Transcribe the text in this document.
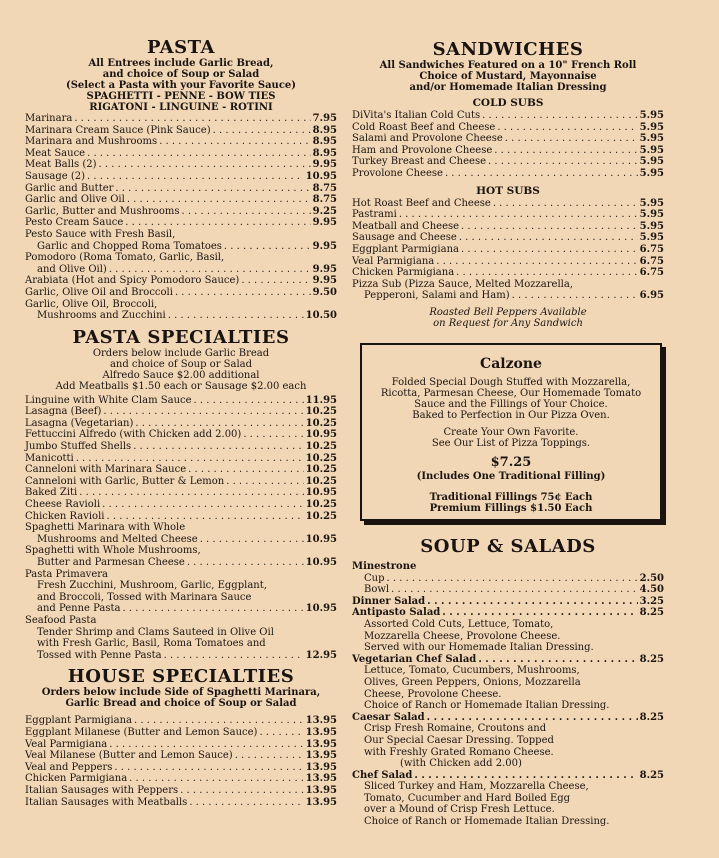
PASTA
All Entrees include Garlic Bread,
and choice of Soup or Salad
(Select a Pasta with your Favorite Sauce)
SPAGHETTI - PENNE - BOW TIES
RIGATONI - LINGUINE - ROTINI
Marinara . . .	7.95
Marinara Cream Sauce (Pink Sauce) . . .	8.95
Marinara and Mushrooms . . .	8.95
Meat Sauce . . .	8.95
Meat Balls (2) . . .	9.95
Sausage (2) . . .	10.95
Garlic and Butter . . .	8.75
Garlic and Olive Oil . . .	8.75
Garlic, Butter and Mushrooms . . .	9.25
Pesto Cream Sauce . . .	9.95
Pesto Sauce with Fresh Basil,
Garlic and Chopped Roma Tomatoes . . .	9.95
Pomodoro (Roma Tomato, Garlic, Basil,
and Olive Oil) . . .	9.95
Arabiata (Hot and Spicy Pomodoro Sauce) . . .	9.95
Garlic, Olive Oil and Broccoli . . .	9.50
Garlic, Olive Oil, Broccoli,
Mushrooms and Zucchini . . .	10.50
PASTA SPECIALTIES
Orders below include Garlic Bread
and choice of Soup or Salad
Alfredo Sauce $2.00 additional
Add Meatballs $1.50 each or Sausage $2.00 each
Linguine with White Clam Sauce . . .	11.95
Lasagna (Beef) . . .	10.25
Lasagna (Vegetarian) . . .	10.25
Fettuccini Alfredo (with Chicken add 2.00) . . .	10.95
Jumbo Stuffed Shells . . .	10.25
Manicotti . . .	10.25
Canneloni with Marinara Sauce . . .	10.25
Canneloni with Garlic, Butter & Lemon . . .	10.25
Baked Ziti . . .	10.95
Cheese Ravioli . . .	10.25
Chicken Ravioli . . .	10.25
Spaghetti Marinara with Whole
Mushrooms and Melted Cheese . . .	10.95
Spaghetti with Whole Mushrooms,
Butter and Parmesan Cheese . . .	10.95
Pasta Primavera
Fresh Zucchini, Mushroom, Garlic, Eggplant,
and Broccoli, Tossed with Marinara Sauce
and Penne Pasta . . .	10.95
Seafood Pasta
Tender Shrimp and Clams Sauteed in Olive Oil
with Fresh Garlic, Basil, Roma Tomatoes and
Tossed with Penne Pasta . . .	12.95
HOUSE SPECIALTIES
Orders below include Side of Spaghetti Marinara,
Garlic Bread and choice of Soup or Salad
Eggplant Parmigiana . . .	13.95
Eggplant Milanese (Butter and Lemon Sauce) . . .	13.95
Veal Parmigiana . . .	13.95
Veal Milanese (Butter and Lemon Sauce) . . .	13.95
Veal and Peppers . . .	13.95
Chicken Parmigiana . . .	13.95
Italian Sausages with Peppers . . .	13.95
Italian Sausages with Meatballs . . .	13.95
SANDWICHES
All Sandwiches Featured on a 10" French Roll
Choice of Mustard, Mayonnaise
and/or Homemade Italian Dressing
COLD SUBS
DiVita's Italian Cold Cuts . . .	5.95
Cold Roast Beef and Cheese . . .	5.95
Salami and Provolone Cheese . . .	5.95
Ham and Provolone Cheese . . .	5.95
Turkey Breast and Cheese . . .	5.95
Provolone Cheese . . .	5.95
HOT SUBS
Hot Roast Beef and Cheese . . .	5.95
Pastrami . . .	5.95
Meatball and Cheese . . .	5.95
Sausage and Cheese . . .	5.95
Eggplant Parmigiana . . .	6.75
Veal Parmigiana . . .	6.75
Chicken Parmigiana . . .	6.75
Pizza Sub (Pizza Sauce, Melted Mozzarella,
Pepperoni, Salami and Ham) . . .	6.95
Roasted Bell Peppers Available
on Request for Any Sandwich
SOUP & SALADS
Minestrone
Cup . . .	2.50
Bowl . . .	4.50
Dinner Salad . . .	3.25
Antipasto Salad . . .	8.25
Assorted Cold Cuts, Lettuce, Tomato,
Mozzarella Cheese, Provolone Cheese.
Served with our Homemade Italian Dressing.
Vegetarian Chef Salad . . .	8.25
Lettuce, Tomato, Cucumbers, Mushrooms,
Olives, Green Peppers, Onions, Mozzarella
Cheese, Provolone Cheese.
Choice of Ranch or Homemade Italian Dressing.
Caesar Salad . . .	8.25
Crisp Fresh Romaine, Croutons and
Our Special Caesar Dressing. Topped
with Freshly Grated Romano Cheese.
(with Chicken add 2.00)
Chef Salad . . .	8.25
Sliced Turkey and Ham, Mozzarella Cheese,
Tomato, Cucumber and Hard Boiled Egg
over a Mound of Crisp Fresh Lettuce.
Choice of Ranch or Homemade Italian Dressing.
Calzone
Folded Special Dough Stuffed with Mozzarella,
Ricotta, Parmesan Cheese, Our Homemade Tomato
Sauce and the Fillings of Your Choice.
Baked to Perfection in Our Pizza Oven.
Create Your Own Favorite.
See Our List of Pizza Toppings.
$7.25
(Includes One Traditional Filling)
Traditional Fillings 75¢ Each
Premium Fillings $1.50 Each
